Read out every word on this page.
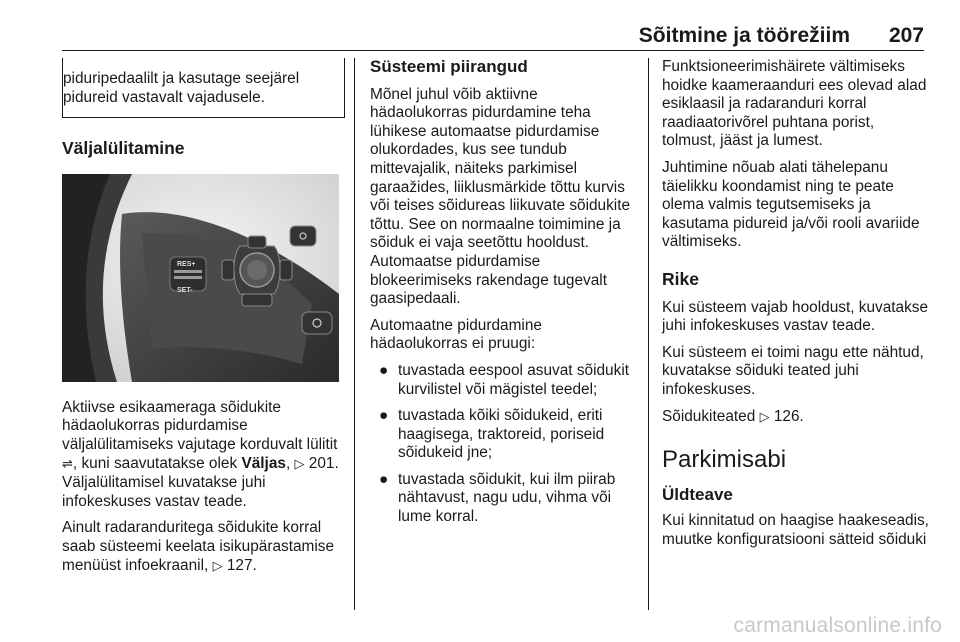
Sõitmine ja töörežiim 207

piduripedaalilt ja kasutage seejärel pidureid vastavalt vajadusele.

Väljalülitamine
RES+
SET-

Aktiivse esikaameraga sõidukite hädaolukorras pidurdamise väljalülitamiseks vajutage korduvalt lülitit ⇌, kuni saavutatakse olek Väljas, ▷ 201. Väljalülitamisel kuvatakse juhi infokeskuses vastav teade.

Ainult radaranduritega sõidukite korral saab süsteemi keelata isikupärastamise menüüst infoekraanil, ▷ 127.

Süsteemi piirangud

Mõnel juhul võib aktiivne hädaolukorras pidurdamine teha lühikese automaatse pidurdamise olukordades, kus see tundub mittevajalik, näiteks parkimisel garaažides, liiklusmärkide tõttu kurvis või teises sõidureas liikuvate sõidukite tõttu. See on normaalne toimimine ja sõiduk ei vaja seetõttu hooldust. Automaatse pidurdamise blokeerimiseks rakendage tugevalt gaasipedaali.

Automaatne pidurdamine hädaolukorras ei pruugi:

● tuvastada eespool asuvat sõidukit kurvilistel või mägistel teedel;
● tuvastada kõiki sõidukeid, eriti haagisega, traktoreid, poriseid sõidukeid jne;
● tuvastada sõidukit, kui ilm piirab nähtavust, nagu udu, vihma või lume korral.

Funktsioneerimishäirete vältimiseks hoidke kaameraanduri ees olevad alad esiklaasil ja radaranduri korral raadiaatorivõrel puhtana porist, tolmust, jääst ja lumest.

Juhtimine nõuab alati tähelepanu täielikku koondamist ning te peate olema valmis tegutsemiseks ja kasutama pidureid ja/või rooli avariide vältimiseks.

Rike

Kui süsteem vajab hooldust, kuvatakse juhi infokeskuses vastav teade.

Kui süsteem ei toimi nagu ette nähtud, kuvatakse sõiduki teated juhi infokeskuses.

Sõidukiteated ▷ 126.

Parkimisabi
Üldteave

Kui kinnitatud on haagise haakeseadis, muutke konfiguratsiooni sätteid sõiduki

carmanualsonline.info
